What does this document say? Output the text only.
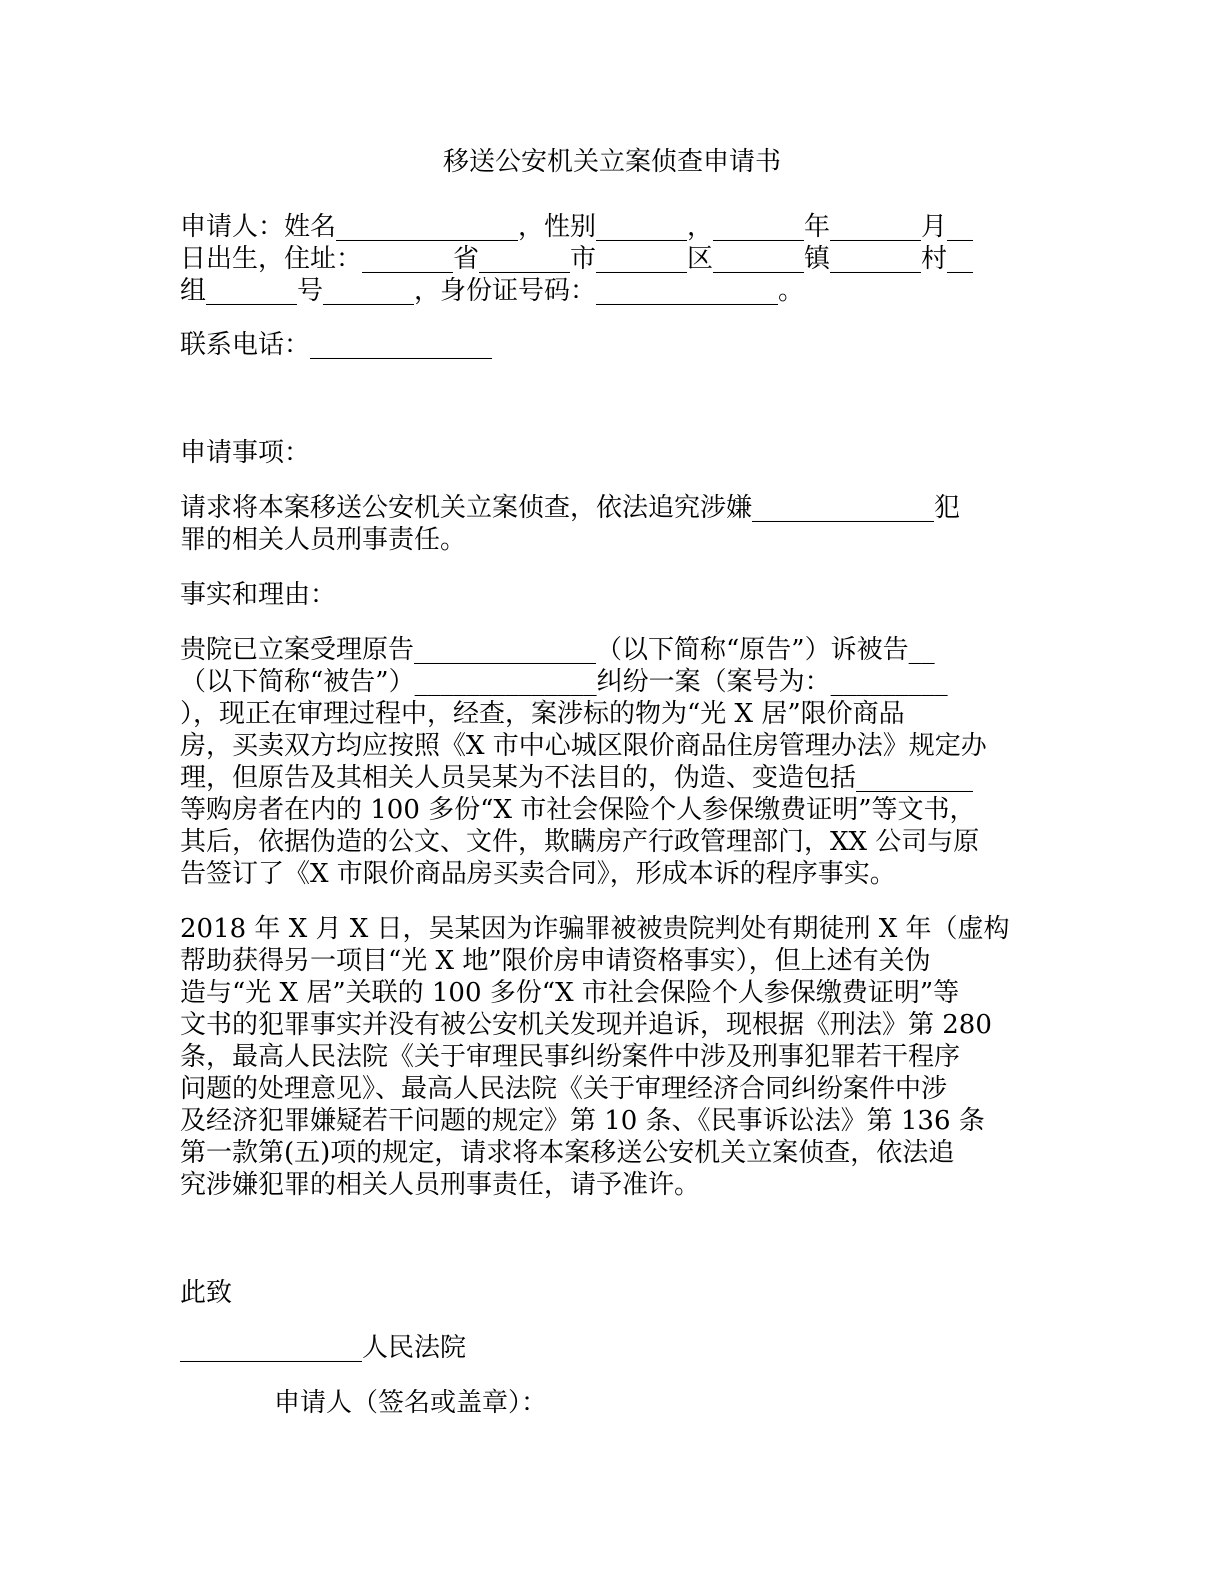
移送公安机关立案侦查申请书

申请人：姓名______________，性别_______，_______年_______月__

日出生，住址：_______省_______市_______区_______镇_______村__

组_______号_______，身份证号码：______________。

联系电话：______________

申请事项：

请求将本案移送公安机关立案侦查，依法追究涉嫌______________犯

罪的相关人员刑事责任。

事实和理由：

贵院已立案受理原告______________（以下简称“原告”）诉被告__

（以下简称“被告”）______________纠纷一案（案号为：_________

），现正在审理过程中，经查，案涉标的物为“光 X 居”限价商品

房，买卖双方均应按照《X 市中心城区限价商品住房管理办法》规定办

理，但原告及其相关人员吴某为不法目的，伪造、变造包括_________

等购房者在内的 100 多份“X 市社会保险个人参保缴费证明”等文书，

其后，依据伪造的公文、文件，欺瞒房产行政管理部门，XX 公司与原

告签订了《X 市限价商品房买卖合同》，形成本诉的程序事实。

2018 年 X 月 X 日，吴某因为诈骗罪被被贵院判处有期徒刑 X 年（虚构

帮助获得另一项目“光 X 地”限价房申请资格事实），但上述有关伪

造与“光 X 居”关联的 100 多份“X 市社会保险个人参保缴费证明”等

文书的犯罪事实并没有被公安机关发现并追诉，现根据《刑法》第 280

条，最高人民法院《关于审理民事纠纷案件中涉及刑事犯罪若干程序

问题的处理意见》、最高人民法院《关于审理经济合同纠纷案件中涉

及经济犯罪嫌疑若干问题的规定》第 10 条、《民事诉讼法》第 136 条

第一款第(五)项的规定，请求将本案移送公安机关立案侦查，依法追

究涉嫌犯罪的相关人员刑事责任，请予准许。

此致

______________人民法院

申请人（签名或盖章）：
